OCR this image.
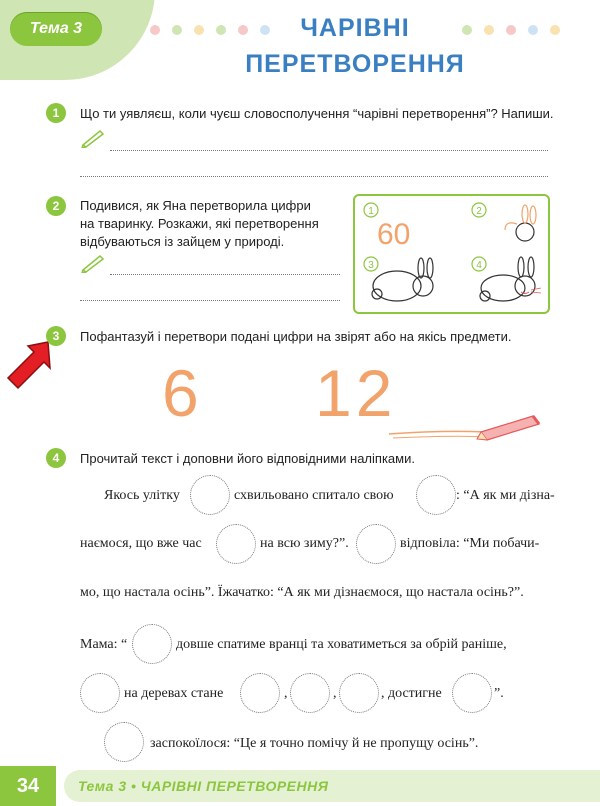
Тема 3	ЧАРІВНІ
ПЕРЕТВОРЕННЯ
1	Що ти уявляєш, коли чуєш словосполучення “чарівні перетворення”? Напиши.
2	Подивися, як Яна перетворила цифри
на тваринку. Розкажи, які перетворення
відбуваються із зайцем у природі.
1
60
2
3	4
3	Пофантазуй і перетвори подані цифри на звірят або на якісь предмети.
6 12
4	Прочитай текст і доповни його відповідними наліпками.
Якось улітку	схвильовано спитало свою	: “А як ми дізна-
наємося, що вже час	на всю зиму?”.	відповіла: “Ми побачи-
мо, що настала осінь”. Їжачатко: “А як ми дізнаємося, що настала осінь?”.
Мама: “	довше спатиме вранці та ховатиметься за обрій раніше,
на деревах стане	,	,	, достигне	”.
заспокоїлося: “Це я точно помічу й не пропущу осінь”.
34	Тема 3 • ЧАРІВНІ ПЕРЕТВОРЕННЯ
